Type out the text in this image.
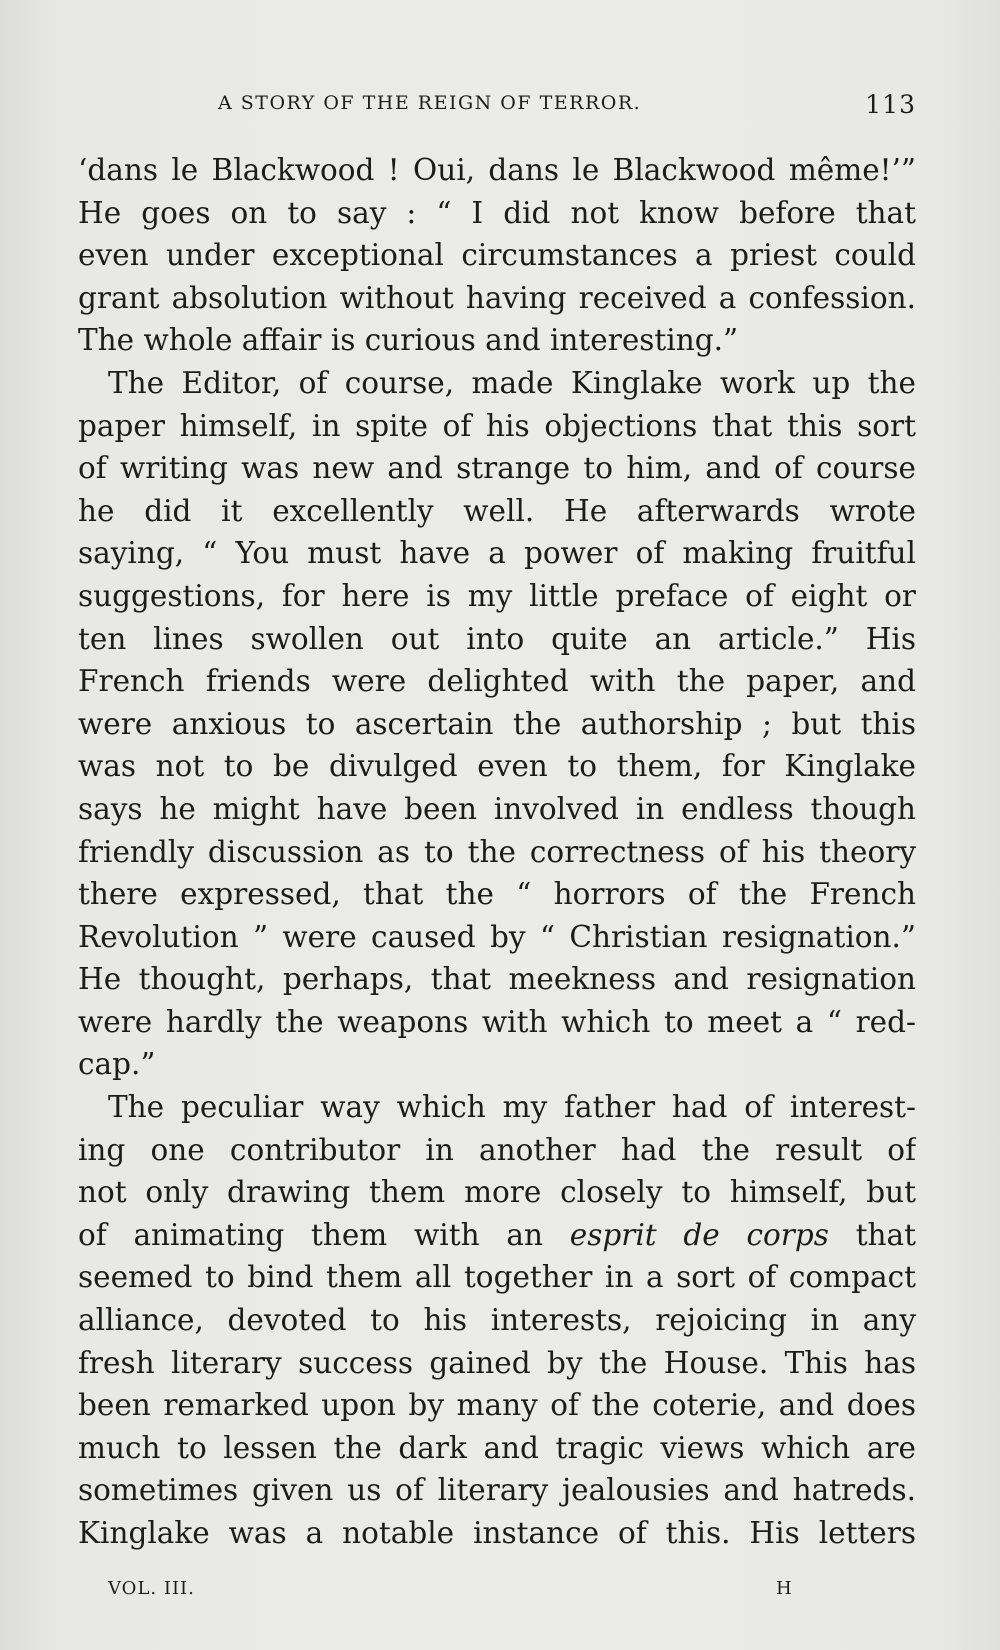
A STORY OF THE REIGN OF TERROR.	113
‘dans le Blackwood ! Oui, dans le Blackwood même!’”
He goes on to say : “ I did not know before that
even under exceptional circumstances a priest could
grant absolution without having received a confession.
The whole affair is curious and interesting.”
The Editor, of course, made Kinglake work up the
paper himself, in spite of his objections that this sort
of writing was new and strange to him, and of course
he did it excellently well. He afterwards wrote
saying, “ You must have a power of making fruitful
suggestions, for here is my little preface of eight or
ten lines swollen out into quite an article.” His
French friends were delighted with the paper, and
were anxious to ascertain the authorship ; but this
was not to be divulged even to them, for Kinglake
says he might have been involved in endless though
friendly discussion as to the correctness of his theory
there expressed, that the “ horrors of the French
Revolution ” were caused by “ Christian resignation.”
He thought, perhaps, that meekness and resignation
were hardly the weapons with which to meet a “ red-
cap.”
The peculiar way which my father had of interest-
ing one contributor in another had the result of
not only drawing them more closely to himself, but
of animating them with an esprit de corps that
seemed to bind them all together in a sort of compact
alliance, devoted to his interests, rejoicing in any
fresh literary success gained by the House. This has
been remarked upon by many of the coterie, and does
much to lessen the dark and tragic views which are
sometimes given us of literary jealousies and hatreds.
Kinglake was a notable instance of this. His letters
VOL. III.	H
